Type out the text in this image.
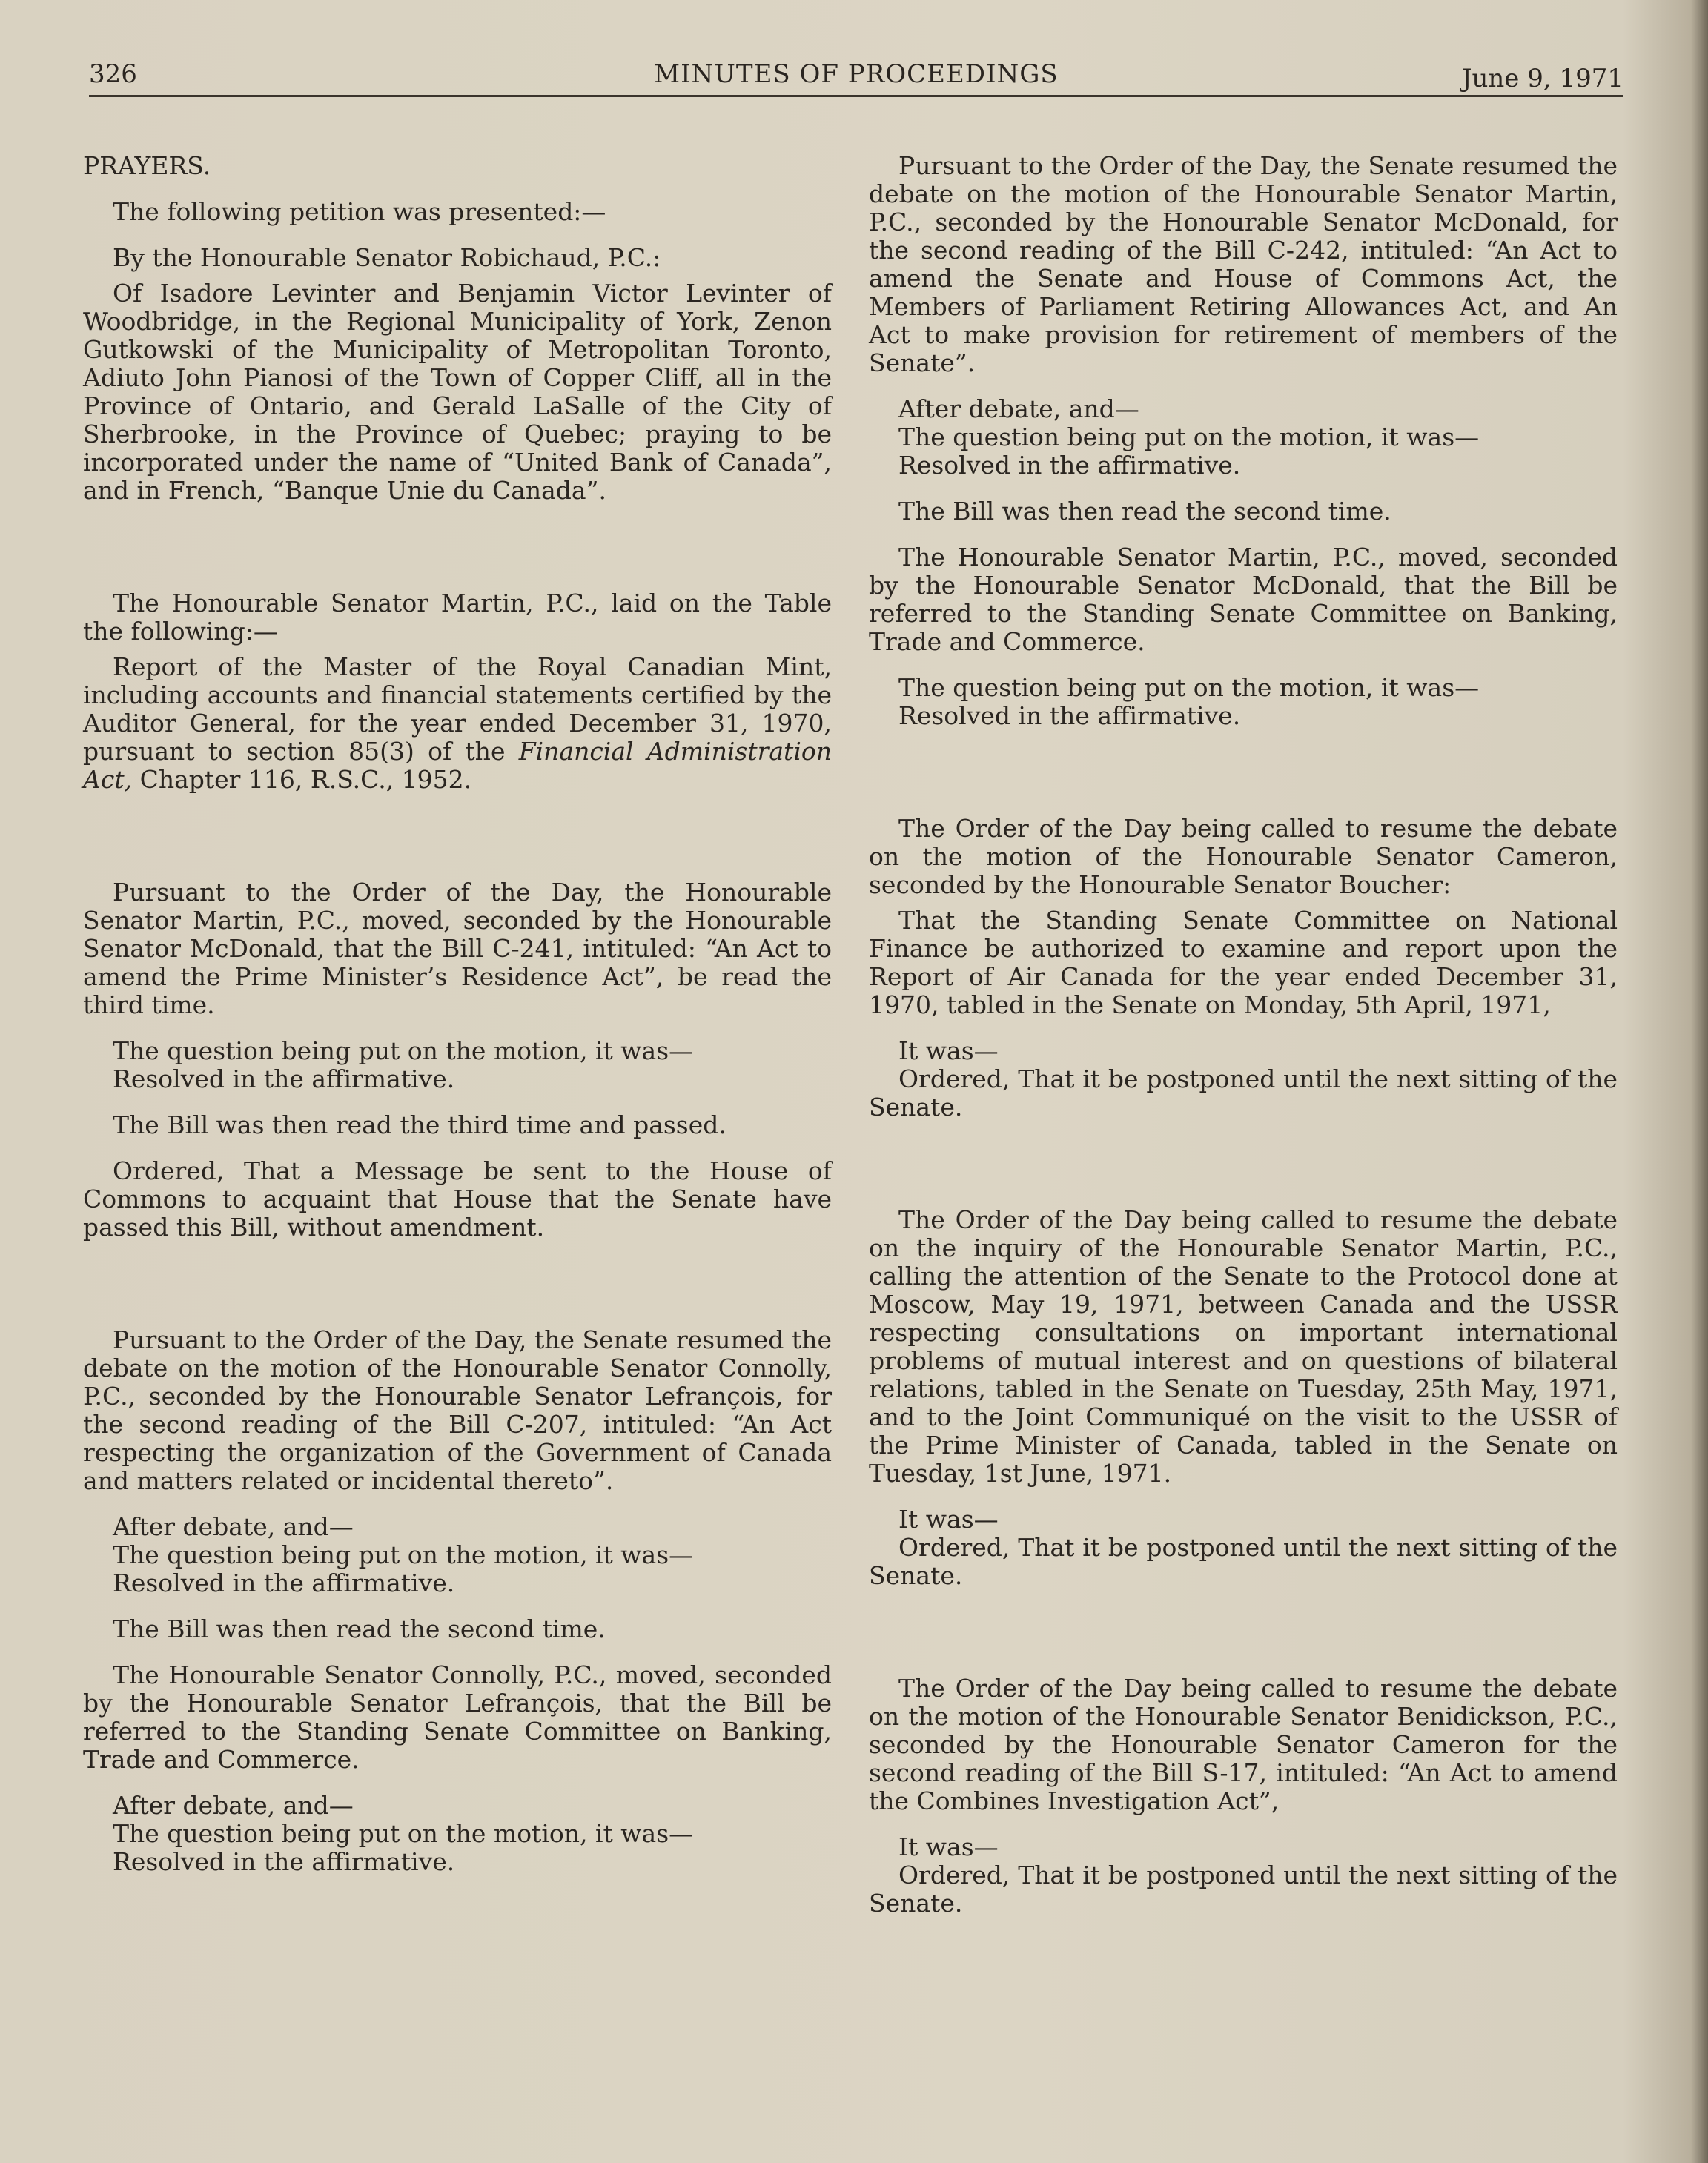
326	MINUTES OF PROCEEDINGS	June 9, 1971

PRAYERS.

The following petition was presented:—

By the Honourable Senator Robichaud, P.C.:

Of Isadore Levinter and Benjamin Victor Levinter of Woodbridge, in the Regional Municipality of York, Zenon Gutkowski of the Municipality of Metropolitan Toronto, Adiuto John Pianosi of the Town of Copper Cliff, all in the Province of Ontario, and Gerald LaSalle of the City of Sherbrooke, in the Province of Quebec; praying to be incorporated under the name of “United Bank of Canada”, and in French, “Banque Unie du Canada”.

The Honourable Senator Martin, P.C., laid on the Table the following:—

Report of the Master of the Royal Canadian Mint, including accounts and financial statements certified by the Auditor General, for the year ended December 31, 1970, pursuant to section 85(3) of the Financial Administration Act, Chapter 116, R.S.C., 1952.

Pursuant to the Order of the Day, the Honourable Senator Martin, P.C., moved, seconded by the Honourable Senator McDonald, that the Bill C-241, intituled: “An Act to amend the Prime Minister’s Residence Act”, be read the third time.

The question being put on the motion, it was—
Resolved in the affirmative.

The Bill was then read the third time and passed.

Ordered, That a Message be sent to the House of Commons to acquaint that House that the Senate have passed this Bill, without amendment.

Pursuant to the Order of the Day, the Senate resumed the debate on the motion of the Honourable Senator Connolly, P.C., seconded by the Honourable Senator Lefrançois, for the second reading of the Bill C-207, intituled: “An Act respecting the organization of the Government of Canada and matters related or incidental thereto”.

After debate, and—
The question being put on the motion, it was—
Resolved in the affirmative.

The Bill was then read the second time.

The Honourable Senator Connolly, P.C., moved, seconded by the Honourable Senator Lefrançois, that the Bill be referred to the Standing Senate Committee on Banking, Trade and Commerce.

After debate, and—
The question being put on the motion, it was—
Resolved in the affirmative.

Pursuant to the Order of the Day, the Senate resumed the debate on the motion of the Honourable Senator Martin, P.C., seconded by the Honourable Senator McDonald, for the second reading of the Bill C-242, intituled: “An Act to amend the Senate and House of Commons Act, the Members of Parliament Retiring Allowances Act, and An Act to make provision for retirement of members of the Senate”.

After debate, and—
The question being put on the motion, it was—
Resolved in the affirmative.

The Bill was then read the second time.

The Honourable Senator Martin, P.C., moved, seconded by the Honourable Senator McDonald, that the Bill be referred to the Standing Senate Committee on Banking, Trade and Commerce.

The question being put on the motion, it was—
Resolved in the affirmative.

The Order of the Day being called to resume the debate on the motion of the Honourable Senator Cameron, seconded by the Honourable Senator Boucher:

That the Standing Senate Committee on National Finance be authorized to examine and report upon the Report of Air Canada for the year ended December 31, 1970, tabled in the Senate on Monday, 5th April, 1971,

It was—
Ordered, That it be postponed until the next sitting of the Senate.

The Order of the Day being called to resume the debate on the inquiry of the Honourable Senator Martin, P.C., calling the attention of the Senate to the Protocol done at Moscow, May 19, 1971, between Canada and the USSR respecting consultations on important international problems of mutual interest and on questions of bilateral relations, tabled in the Senate on Tuesday, 25th May, 1971, and to the Joint Communiqué on the visit to the USSR of the Prime Minister of Canada, tabled in the Senate on Tuesday, 1st June, 1971.

It was—
Ordered, That it be postponed until the next sitting of the Senate.

The Order of the Day being called to resume the debate on the motion of the Honourable Senator Benidickson, P.C., seconded by the Honourable Senator Cameron for the second reading of the Bill S-17, intituled: “An Act to amend the Combines Investigation Act”,

It was—
Ordered, That it be postponed until the next sitting of the Senate.
